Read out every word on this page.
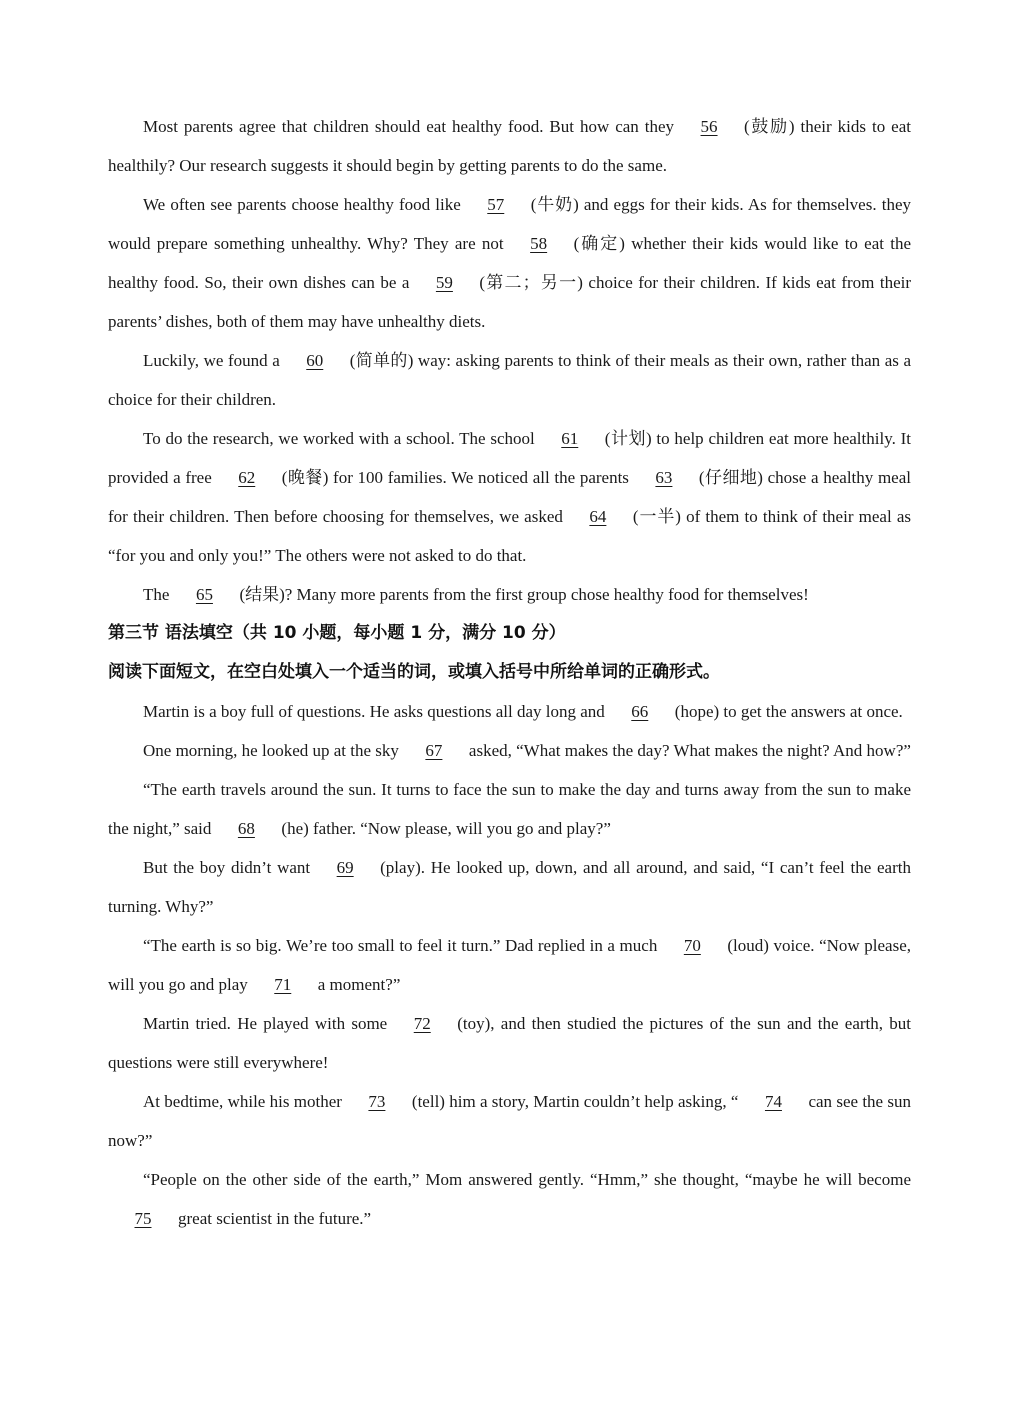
Most parents agree that children should eat healthy food. But how can they 56 (鼓励) their kids to eat healthily? Our research suggests it should begin by getting parents to do the same.

We often see parents choose healthy food like 57 (牛奶) and eggs for their kids. As for themselves. they would prepare something unhealthy. Why? They are not 58 (确定) whether their kids would like to eat the healthy food. So, their own dishes can be a 59 (第二；另一) choice for their children. If kids eat from their parents’ dishes, both of them may have unhealthy diets.

Luckily, we found a 60 (简单的) way: asking parents to think of their meals as their own, rather than as a choice for their children.

To do the research, we worked with a school. The school 61 (计划) to help children eat more healthily. It provided a free 62 (晚餐) for 100 families. We noticed all the parents 63 (仔细地) chose a healthy meal for their children. Then before choosing for themselves, we asked 64 (一半) of them to think of their meal as “for you and only you!” The others were not asked to do that.

The 65 (结果)? Many more parents from the first group chose healthy food for themselves!

第三节 语法填空（共 10 小题，每小题 1 分，满分 10 分）
阅读下面短文，在空白处填入一个适当的词，或填入括号中所给单词的正确形式。

Martin is a boy full of questions. He asks questions all day long and 66 (hope) to get the answers at once.

One morning, he looked up at the sky 67 asked, “What makes the day? What makes the night? And how?”

“The earth travels around the sun. It turns to face the sun to make the day and turns away from the sun to make the night,” said 68 (he) father. “Now please, will you go and play?”

But the boy didn’t want 69 (play). He looked up, down, and all around, and said, “I can’t feel the earth turning. Why?”

“The earth is so big. We’re too small to feel it turn.” Dad replied in a much 70 (loud) voice. “Now please, will you go and play 71 a moment?”

Martin tried. He played with some 72 (toy), and then studied the pictures of the sun and the earth, but questions were still everywhere!

At bedtime, while his mother 73 (tell) him a story, Martin couldn’t help asking, “ 74 can see the sun now?”

“People on the other side of the earth,” Mom answered gently. “Hmm,” she thought, “maybe he will become75 great scientist in the future.”
